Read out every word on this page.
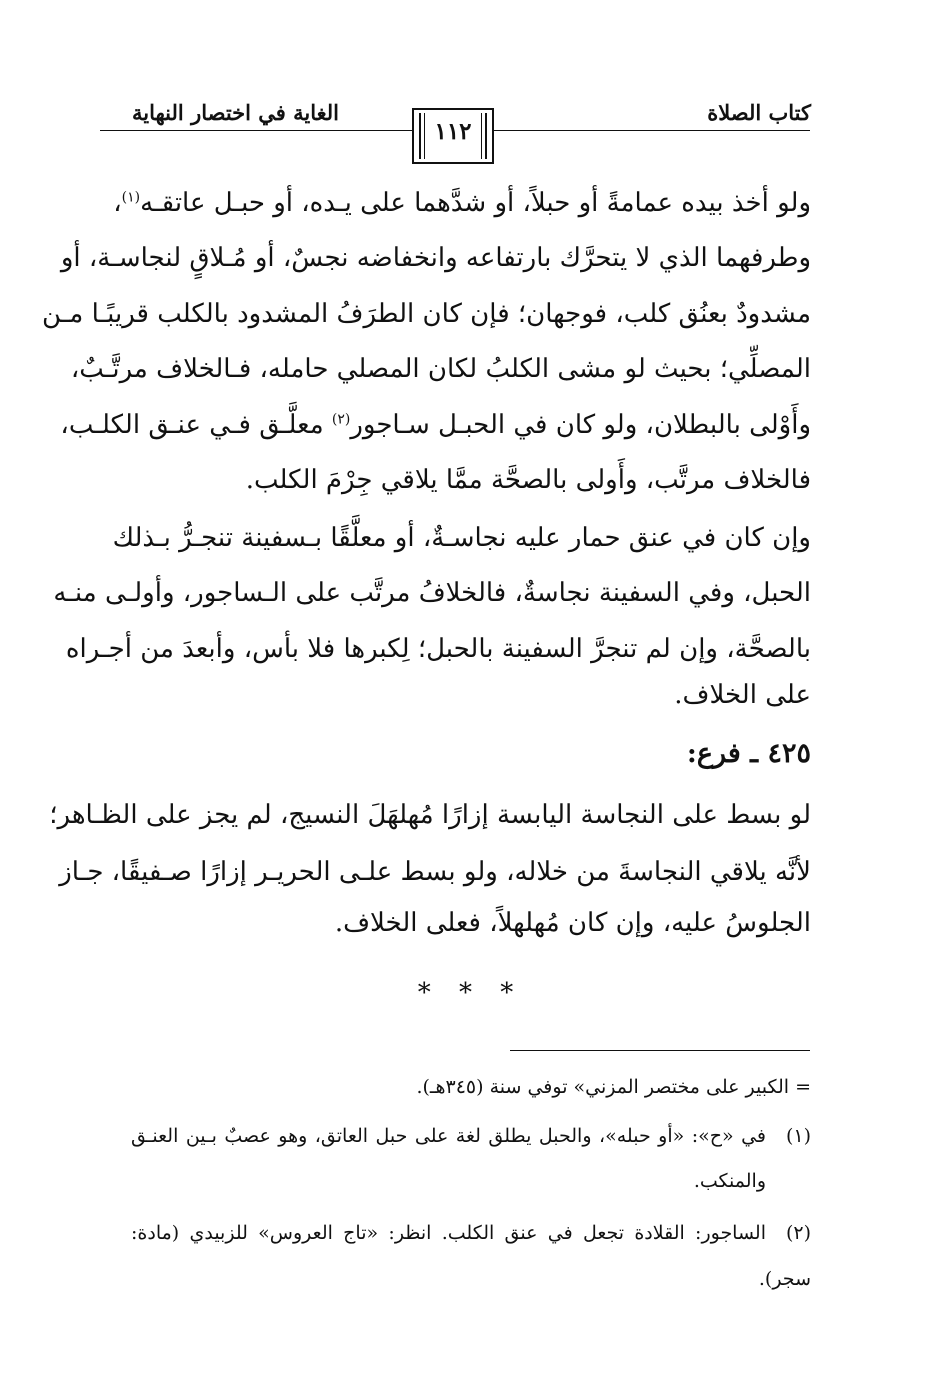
كتاب الصلاة
الغاية في اختصار النهاية
١١٢
ولو أخذ بيده عمامةً أو حبلاً، أو شدَّهما على يـده، أو حبـل عاتقـه$^{(١)}$،
وطرفهما الذي لا يتحرَّك بارتفاعه وانخفاضه نجسٌ، أو مُـلاقٍ لنجاسـة، أو
مشدودٌ بعنُق كلب، فوجهان؛ فإن كان الطرَفُ المشدود بالكلب قريبًـا مـن
المصلِّي؛ بحيث لو مشى الكلبُ لكان المصلي حامله، فـالخلاف مرتَّـبٌ،
وأَوْلى بالبطلان، ولو كان في الحبـل سـاجور$^{(٢)}$ معلَّـق فـي عنـق الكلـب،
فالخلاف مرتَّب، وأَولى بالصحَّة ممَّا يلاقي جِرْمَ الكلب.
وإن كان في عنق حمار عليه نجاسـةٌ، أو معلَّقًا بـسفينة تنجـرُّ بـذلك
الحبل، وفي السفينة نجاسةٌ، فالخلافُ مرتَّب على الـساجور، وأولـى منـه
بالصحَّة، وإن لم تنجرَّ السفينة بالحبل؛ لِكبرها فلا بأس، وأبعدَ من أجـراه
على الخلاف.
٤٢٥ ـ فرع:
لو بسط على النجاسة اليابسة إزارًا مُهلهَلَ النسيج، لم يجز على الظـاهر؛
لأنَّه يلاقي النجاسةَ من خلاله، ولو بسط علـى الحريـر إزارًا صـفيقًا، جـاز
الجلوسُ عليه، وإن كان مُهلهلاً، فعلى الخلاف.
* * *
= الكبير على مختصر المزني» توفي سنة (٣٤٥هـ).
(١)
في «ح»: «أو حبله»، والحبل يطلق لغة على حبل العاتق، وهو عصبٌ بـين العنـق
والمنكب.
(٢)
الساجور: القلادة تجعل في عنق الكلب. انظر: «تاج العروس» للزبيدي (مادة:
سجر).
